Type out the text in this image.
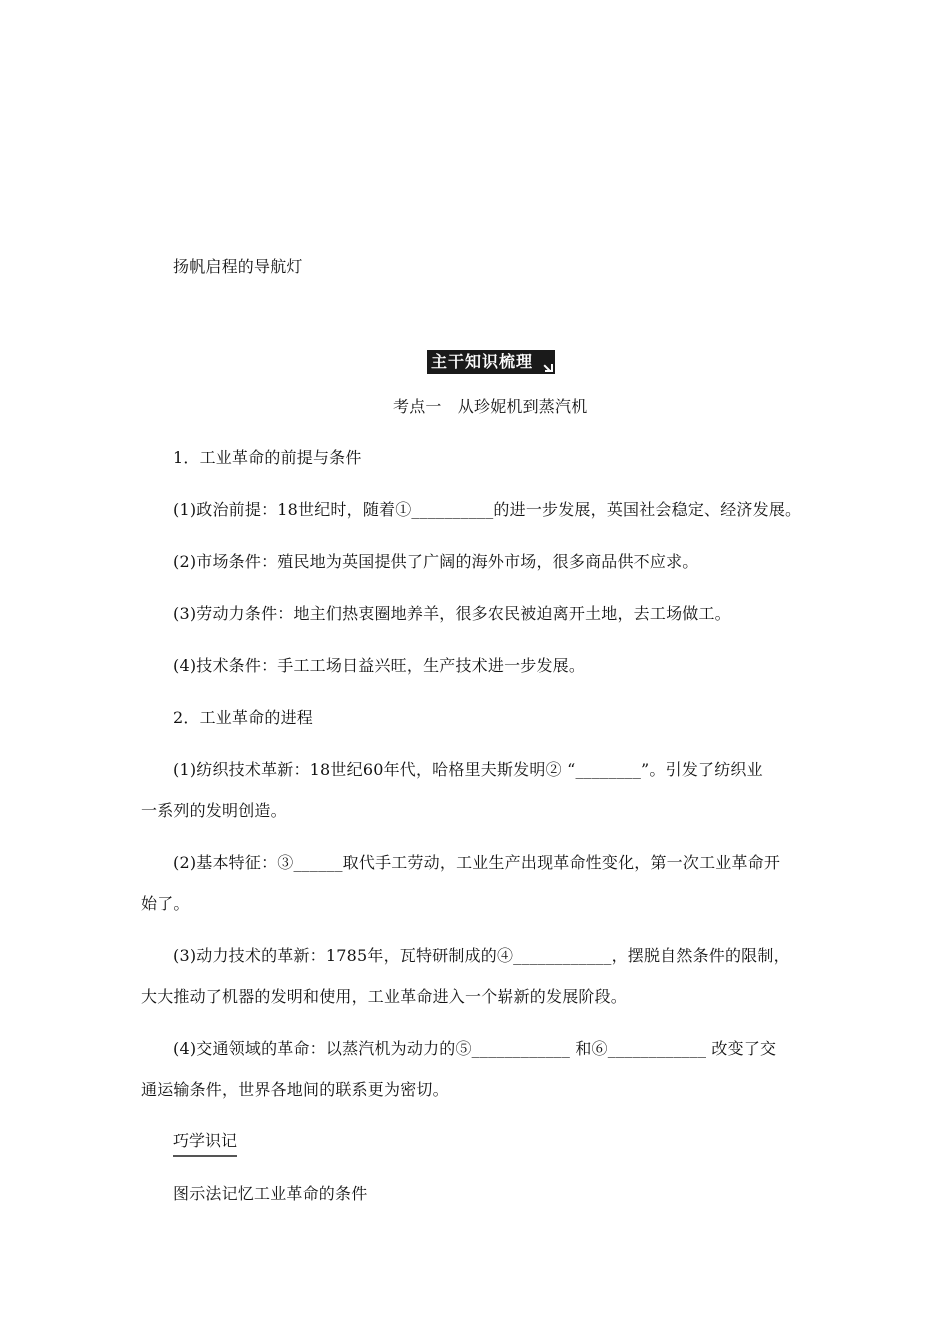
扬帆启程的导航灯
主干知识梳理
考点一　从珍妮机到蒸汽机
1．工业革命的前提与条件
(1)政治前提：18世纪时，随着①__________的进一步发展，英国社会稳定、经济发展。
(2)市场条件：殖民地为英国提供了广阔的海外市场，很多商品供不应求。
(3)劳动力条件：地主们热衷圈地养羊，很多农民被迫离开土地，去工场做工。
(4)技术条件：手工工场日益兴旺，生产技术进一步发展。
2．工业革命的进程
(1)纺织技术革新：18世纪60年代，哈格里夫斯发明② “________”。引发了纺织业
一系列的发明创造。
(2)基本特征：③______取代手工劳动，工业生产出现革命性变化，第一次工业革命开
始了。
(3)动力技术的革新：1785年，瓦特研制成的④____________，摆脱自然条件的限制，
大大推动了机器的发明和使用，工业革命进入一个崭新的发展阶段。
(4)交通领域的革命：以蒸汽机为动力的⑤____________ 和⑥____________ 改变了交
通运输条件，世界各地间的联系更为密切。
巧学识记
图示法记忆工业革命的条件
